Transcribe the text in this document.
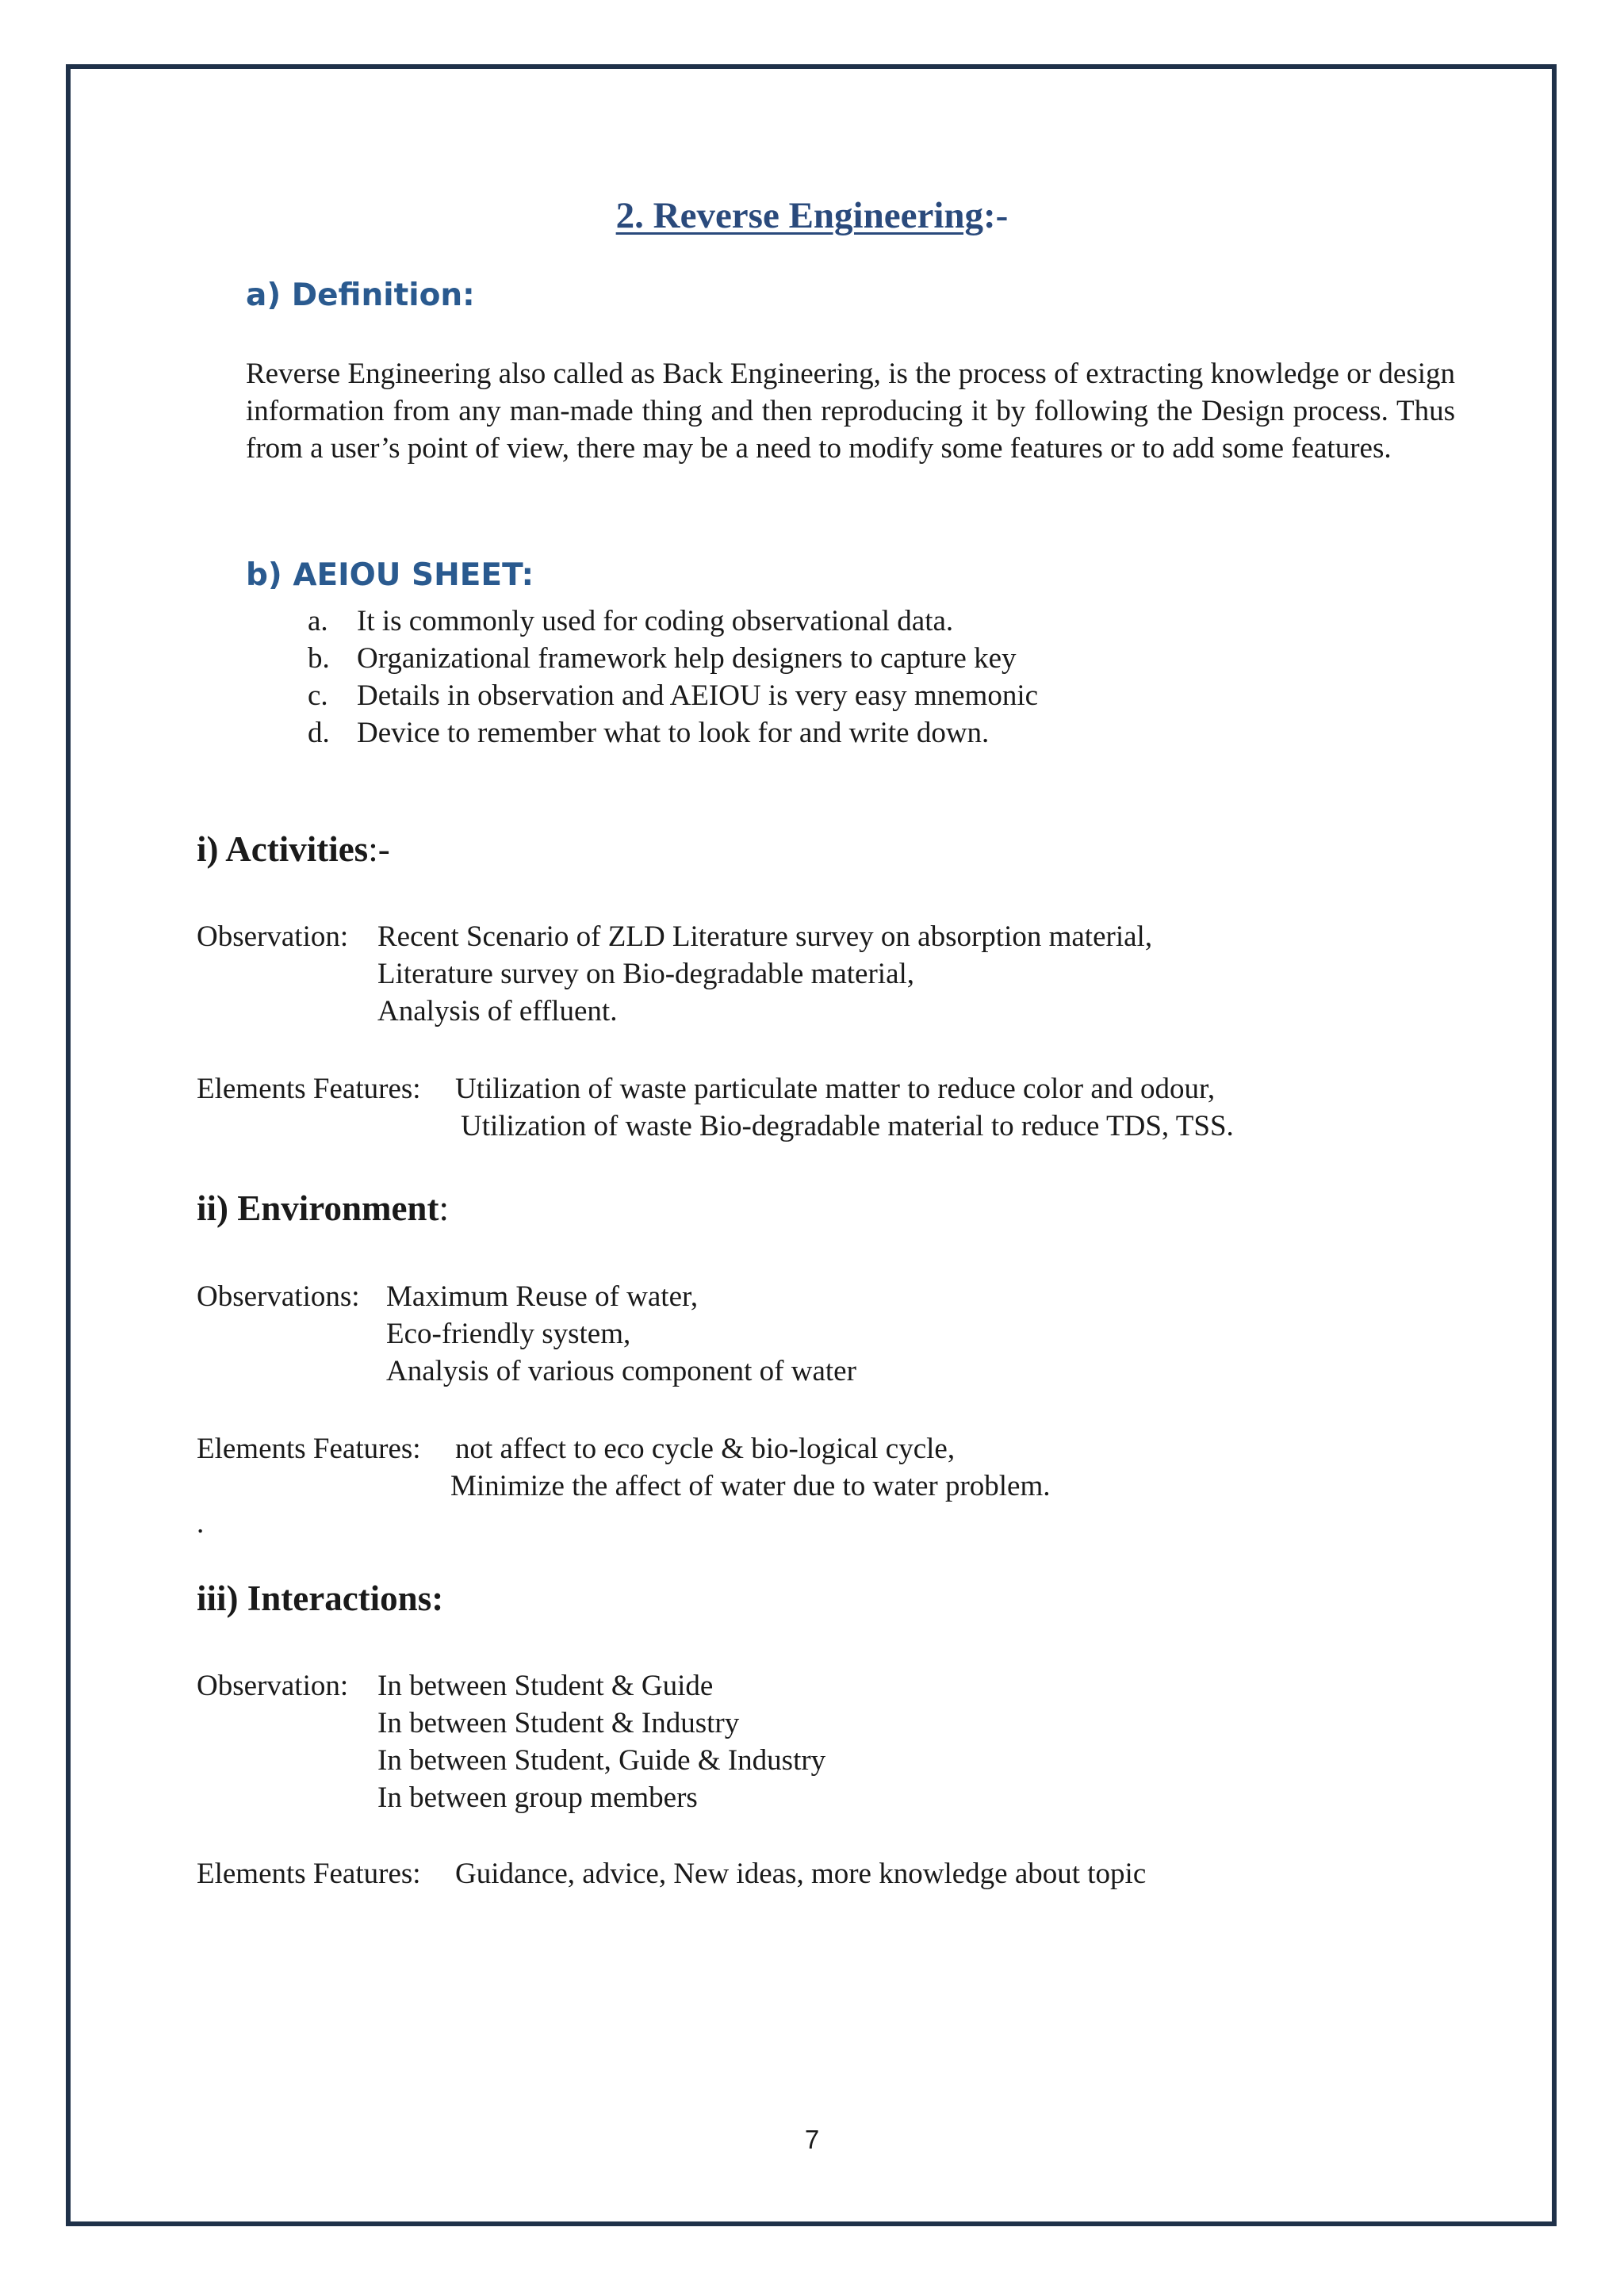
2. Reverse Engineering:-
a) Definition:
Reverse Engineering also called as Back Engineering, is the process of extracting knowledge or design information from any man-made thing and then reproducing it by following the Design process. Thus from a user’s point of view, there may be a need to modify some features or to add some features.
b) AEIOU SHEET:
a. It is commonly used for coding observational data.
b. Organizational framework help designers to capture key
c. Details in observation and AEIOU is very easy mnemonic
d. Device to remember what to look for and write down.
i) Activities:-
Observation: Recent Scenario of ZLD Literature survey on absorption material,
Literature survey on Bio-degradable material,
Analysis of effluent.
Elements Features: Utilization of waste particulate matter to reduce color and odour,
Utilization of waste Bio-degradable material to reduce TDS, TSS.
ii) Environment:
Observations: Maximum Reuse of water,
Eco-friendly system,
Analysis of various component of water
Elements Features: not affect to eco cycle & bio-logical cycle,
Minimize the affect of water due to water problem.
.
iii) Interactions:
Observation: In between Student & Guide
In between Student & Industry
In between Student, Guide & Industry
In between group members
Elements Features: Guidance, advice, New ideas, more knowledge about topic
7
